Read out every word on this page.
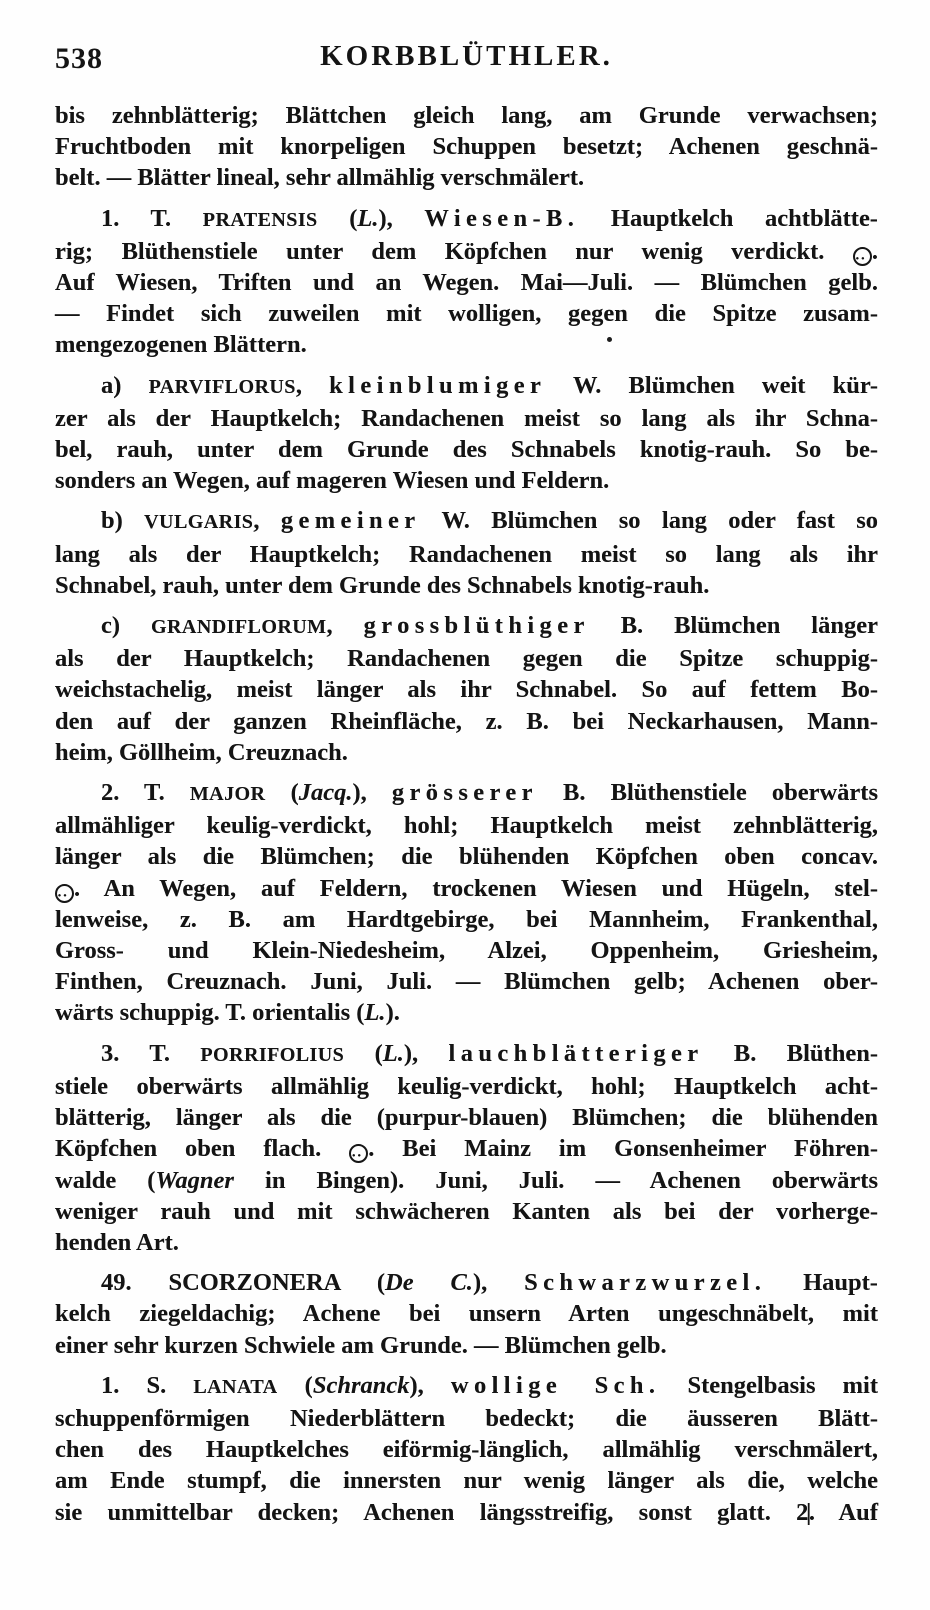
538	KORBBLÜTHLER.

bis zehnblätterig; Blättchen gleich lang, am Grunde verwachsen;
Fruchtboden mit knorpeligen Schuppen besetzt; Achenen geschnä-
belt. — Blätter lineal, sehr allmählig verschmälert.

1. T. PRATENSIS (L.), Wiesen-B. Hauptkelch achtblätte-
rig; Blüthenstiele unter dem Köpfchen nur wenig verdickt. ·· .
Auf Wiesen, Triften und an Wegen. Mai—Juli. — Blümchen gelb.
— Findet sich zuweilen mit wolligen, gegen die Spitze zusam-
mengezogenen Blättern.

a) PARVIFLORUS, kleinblumiger W. Blümchen weit kür-
zer als der Hauptkelch; Randachenen meist so lang als ihr Schna-
bel, rauh, unter dem Grunde des Schnabels knotig-rauh. So be-
sonders an Wegen, auf mageren Wiesen und Feldern.

b) VULGARIS, gemeiner W. Blümchen so lang oder fast so
lang als der Hauptkelch; Randachenen meist so lang als ihr
Schnabel, rauh, unter dem Grunde des Schnabels knotig-rauh.

c) GRANDIFLORUM, grossblüthiger B. Blümchen länger
als der Hauptkelch; Randachenen gegen die Spitze schuppig-
weichstachelig, meist länger als ihr Schnabel. So auf fettem Bo-
den auf der ganzen Rheinfläche, z. B. bei Neckarhausen, Mann-
heim, Göllheim, Creuznach.

2. T. MAJOR (Jacq.), grösserer B. Blüthenstiele oberwärts
allmähliger keulig-verdickt, hohl; Hauptkelch meist zehnblätterig,
länger als die Blümchen; die blühenden Köpfchen oben concav.
·· . An Wegen, auf Feldern, trockenen Wiesen und Hügeln, stel-
lenweise, z. B. am Hardtgebirge, bei Mannheim, Frankenthal,
Gross- und Klein-Niedesheim, Alzei, Oppenheim, Griesheim,
Finthen, Creuznach. Juni, Juli. — Blümchen gelb; Achenen ober-
wärts schuppig. T. orientalis (L.).

3. T. PORRIFOLIUS (L.), lauchblätteriger B. Blüthen-
stiele oberwärts allmählig keulig-verdickt, hohl; Hauptkelch acht-
blätterig, länger als die (purpur-blauen) Blümchen; die blühenden
Köpfchen oben flach. ·· . Bei Mainz im Gonsenheimer Föhren-
walde (Wagner in Bingen). Juni, Juli. — Achenen oberwärts
weniger rauh und mit schwächeren Kanten als bei der vorherge-
henden Art.

49. SCORZONERA (De C.), Schwarzwurzel. Haupt-
kelch ziegeldachig; Achene bei unsern Arten ungeschnäbelt, mit
einer sehr kurzen Schwiele am Grunde. — Blümchen gelb.

1. S. LANATA (Schranck), wollige Sch. Stengelbasis mit
schuppenförmigen Niederblättern bedeckt; die äusseren Blätt-
chen des Hauptkelches eiförmig-länglich, allmählig verschmälert,
am Ende stumpf, die innersten nur wenig länger als die, welche
sie unmittelbar decken; Achenen längsstreifig, sonst glatt. 2|. Auf
